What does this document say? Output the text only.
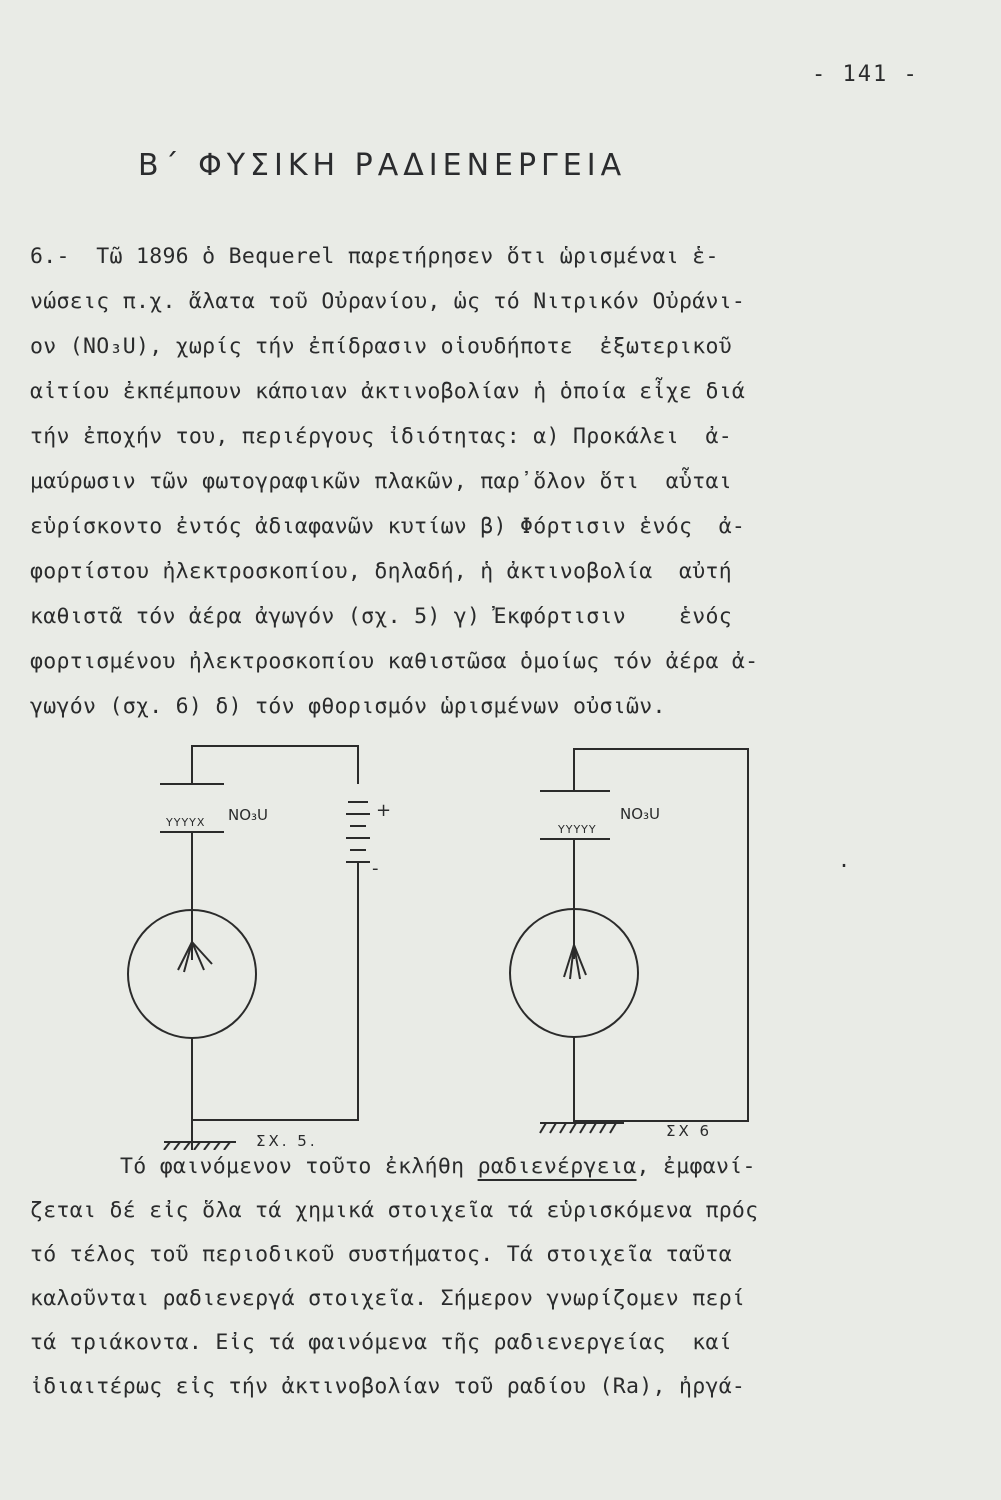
- 141 -
Β΄ ΦΥΣΙΚΗ ΡΑΔΙΕΝΕΡΓΕΙΑ
6.-  Τῶ 1896 ὁ Bequerel παρετήρησεν ὅτι ὡρισμέναι ἑ-
νώσεις π.χ. ἄλατα τοῦ Οὐρανίου, ὡς τό Νιτρικόν Οὐράνι-
ον (NO₃U), χωρίς τήν ἐπίδρασιν οἱουδήποτε  ἐξωτερικοῦ
αἰτίου ἐκπέμπουν κάποιαν ἀκτινοβολίαν ἡ ὁποία εἶχε διά
τήν ἐποχήν του, περιέργους ἰδιότητας: α) Προκάλει  ἀ-
μαύρωσιν τῶν φωτογραφικῶν πλακῶν, παρ᾿ὅλον ὅτι  αὗται
εὑρίσκοντο ἐντός ἀδιαφανῶν κυτίων β) Φόρτισιν ἑνός  ἀ-
φορτίστου ἠλεκτροσκοπίου, δηλαδή, ἡ ἀκτινοβολία  αὐτή
καθιστᾶ τόν ἀέρα ἀγωγόν (σχ. 5) γ) Ἐκφόρτισιν    ἑνός
φορτισμένου ἠλεκτροσκοπίου καθιστῶσα ὁμοίως τόν ἀέρα ἀ-
γωγόν (σχ. 6) δ) τόν φθορισμόν ὡρισμένων οὐσιῶν.
NO₃U
ΥΥΥΥΧ
+
-
ΣΧ. 5.
NO₃U
ΥΥΥΥΥ
ΣΧ 6
.
Τό φαινόμενον τοῦτο ἐκλήθη ραδιενέργεια, ἐμφανί-
ζεται δέ εἰς ὅλα τά χημικά στοιχεῖα τά εὑρισκόμενα πρός
τό τέλος τοῦ περιοδικοῦ συστήματος. Τά στοιχεῖα ταῦτα
καλοῦνται ραδιενεργά στοιχεῖα. Σήμερον γνωρίζομεν περί
τά τριάκοντα. Εἰς τά φαινόμενα τῆς ραδιενεργείας  καί
ἰδιαιτέρως εἰς τήν ἀκτινοβολίαν τοῦ ραδίου (Ra), ἠργά-
